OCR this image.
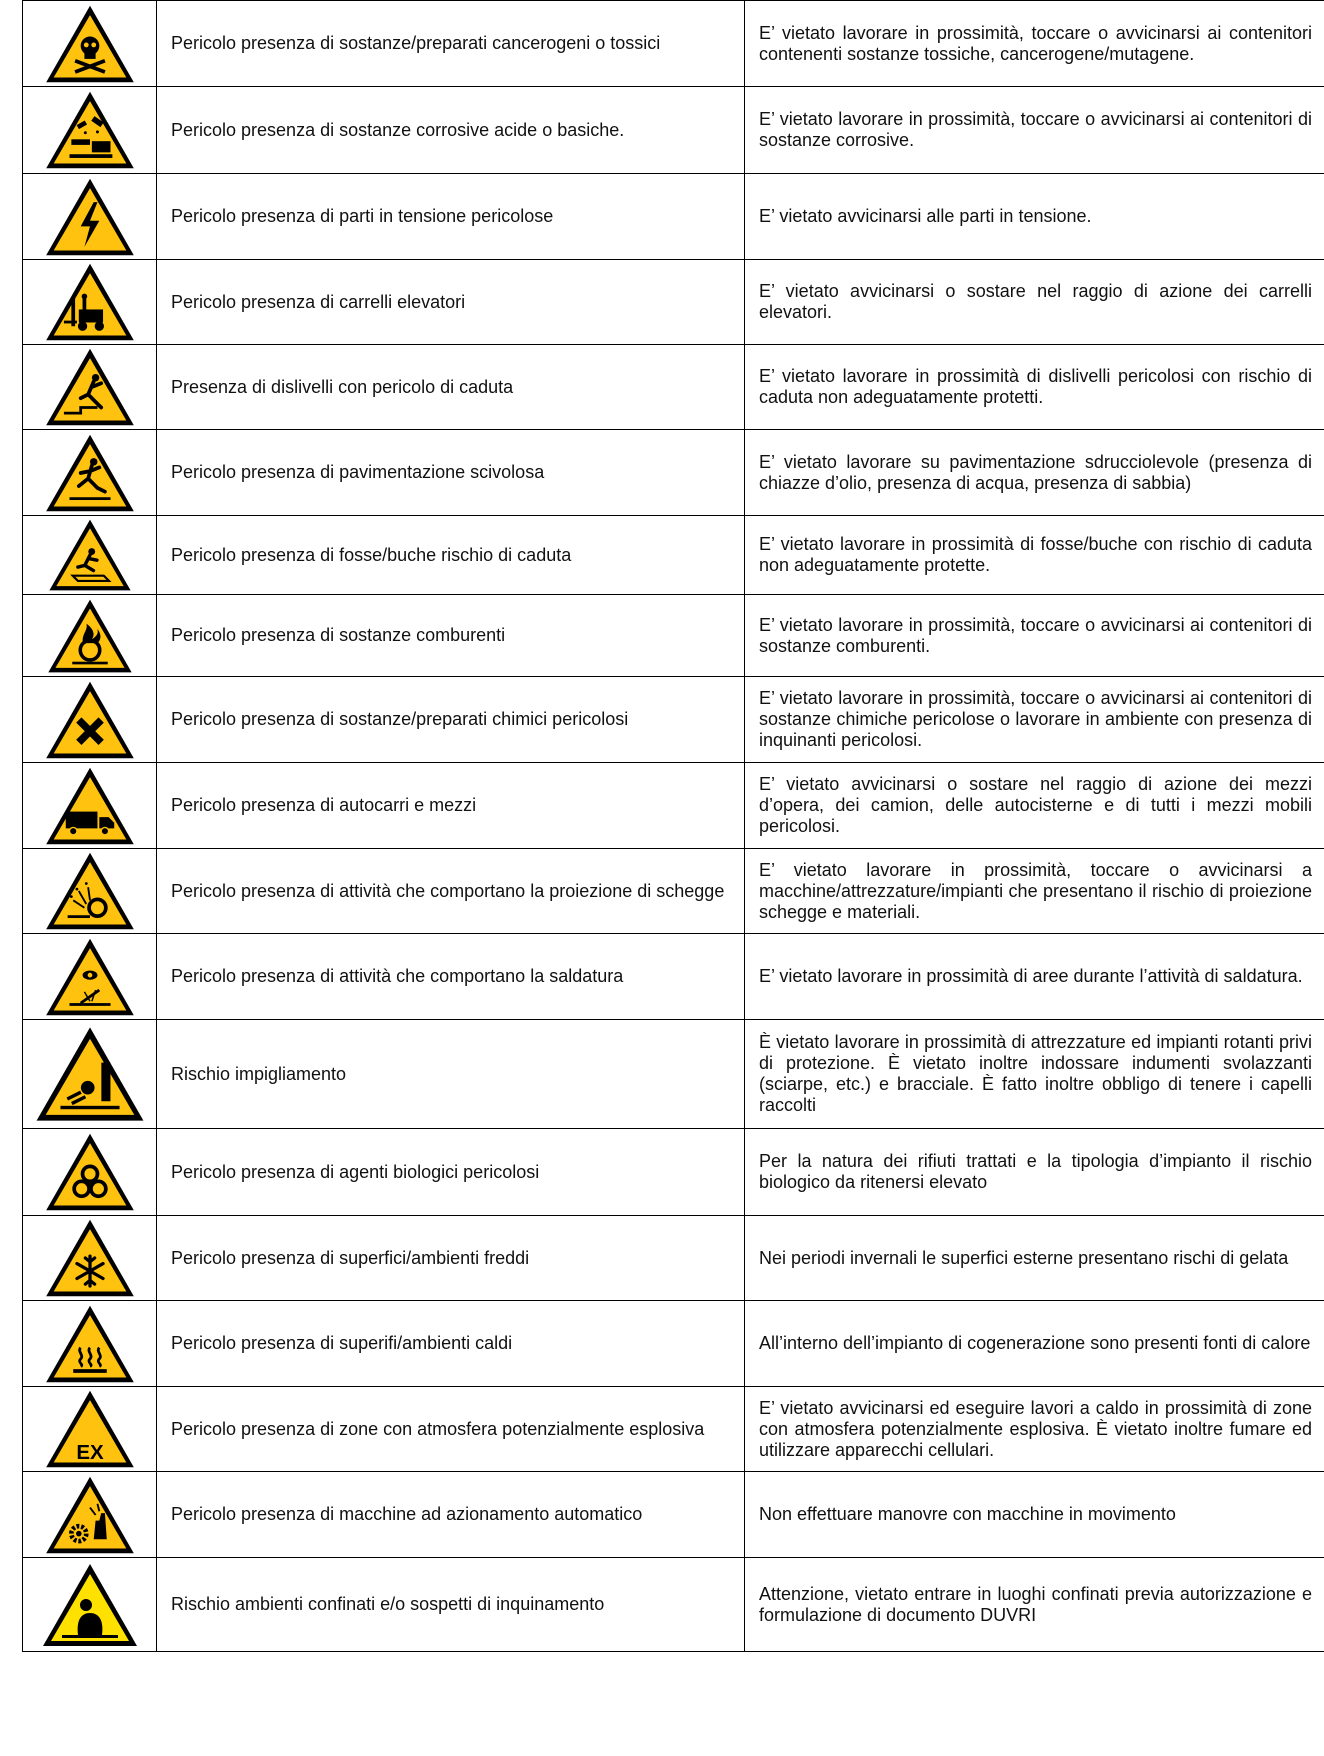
	Pericolo presenza di sostanze/preparati cancerogeni o tossici	E’ vietato lavorare in prossimità, toccare o avvicinarsi ai contenitori contenenti sostanze tossiche, cancerogene/mutagene.

	Pericolo presenza di sostanze corrosive acide o basiche.	E’ vietato lavorare in prossimità, toccare o avvicinarsi ai contenitori di sostanze corrosive.

	Pericolo presenza di parti in tensione pericolose	E’ vietato avvicinarsi alle parti in tensione.

	Pericolo presenza di carrelli elevatori	E’ vietato avvicinarsi o sostare nel raggio di azione dei carrelli elevatori.

	Presenza di dislivelli con pericolo di caduta	E’ vietato lavorare in prossimità di dislivelli pericolosi con rischio di caduta non adeguatamente protetti.

	Pericolo presenza di pavimentazione scivolosa	E’ vietato lavorare su pavimentazione sdrucciolevole (presenza di chiazze d’olio, presenza di acqua, presenza di sabbia)

	Pericolo presenza di fosse/buche rischio di caduta	E’ vietato lavorare in prossimità di fosse/buche con rischio di caduta non adeguatamente protette.

	Pericolo presenza di sostanze comburenti	E’ vietato lavorare in prossimità, toccare o avvicinarsi ai contenitori di sostanze comburenti.

	Pericolo presenza di sostanze/preparati chimici pericolosi	E’ vietato lavorare in prossimità, toccare o avvicinarsi ai contenitori di sostanze chimiche pericolose o lavorare in ambiente con presenza di inquinanti pericolosi.

	Pericolo presenza di autocarri e mezzi	E’ vietato avvicinarsi o sostare nel raggio di azione dei mezzi d’opera, dei camion, delle autocisterne e di tutti i mezzi mobili pericolosi.

	Pericolo presenza di attività che comportano la proiezione di schegge	E’ vietato lavorare in prossimità, toccare o avvicinarsi a macchine/attrezzature/impianti che presentano il rischio di proiezione schegge e materiali.

	Pericolo presenza di attività che comportano la saldatura	E’ vietato lavorare in prossimità di aree durante l’attività di saldatura.

	Rischio impigliamento	È vietato lavorare in prossimità di attrezzature ed impianti rotanti privi di protezione. È vietato inoltre indossare indumenti svolazzanti (sciarpe, etc.) e bracciale. È fatto inoltre obbligo di tenere i capelli raccolti

	Pericolo presenza di agenti biologici pericolosi	Per la natura dei rifiuti trattati e la tipologia d’impianto il rischio biologico da ritenersi elevato

	Pericolo presenza di superfici/ambienti freddi	Nei periodi invernali le superfici esterne presentano rischi di gelata

	Pericolo presenza di superifi/ambienti caldi	All’interno dell’impianto di cogenerazione sono presenti fonti di calore

EX	Pericolo presenza di zone con atmosfera potenzialmente esplosiva	E’ vietato avvicinarsi ed eseguire lavori a caldo in prossimità di zone con atmosfera potenzialmente esplosiva. È vietato inoltre fumare ed utilizzare apparecchi cellulari.

	Pericolo presenza di macchine ad azionamento automatico	Non effettuare manovre con macchine in movimento

	Rischio ambienti confinati e/o sospetti di inquinamento	Attenzione, vietato entrare in luoghi confinati previa autorizzazione e formulazione di documento DUVRI
